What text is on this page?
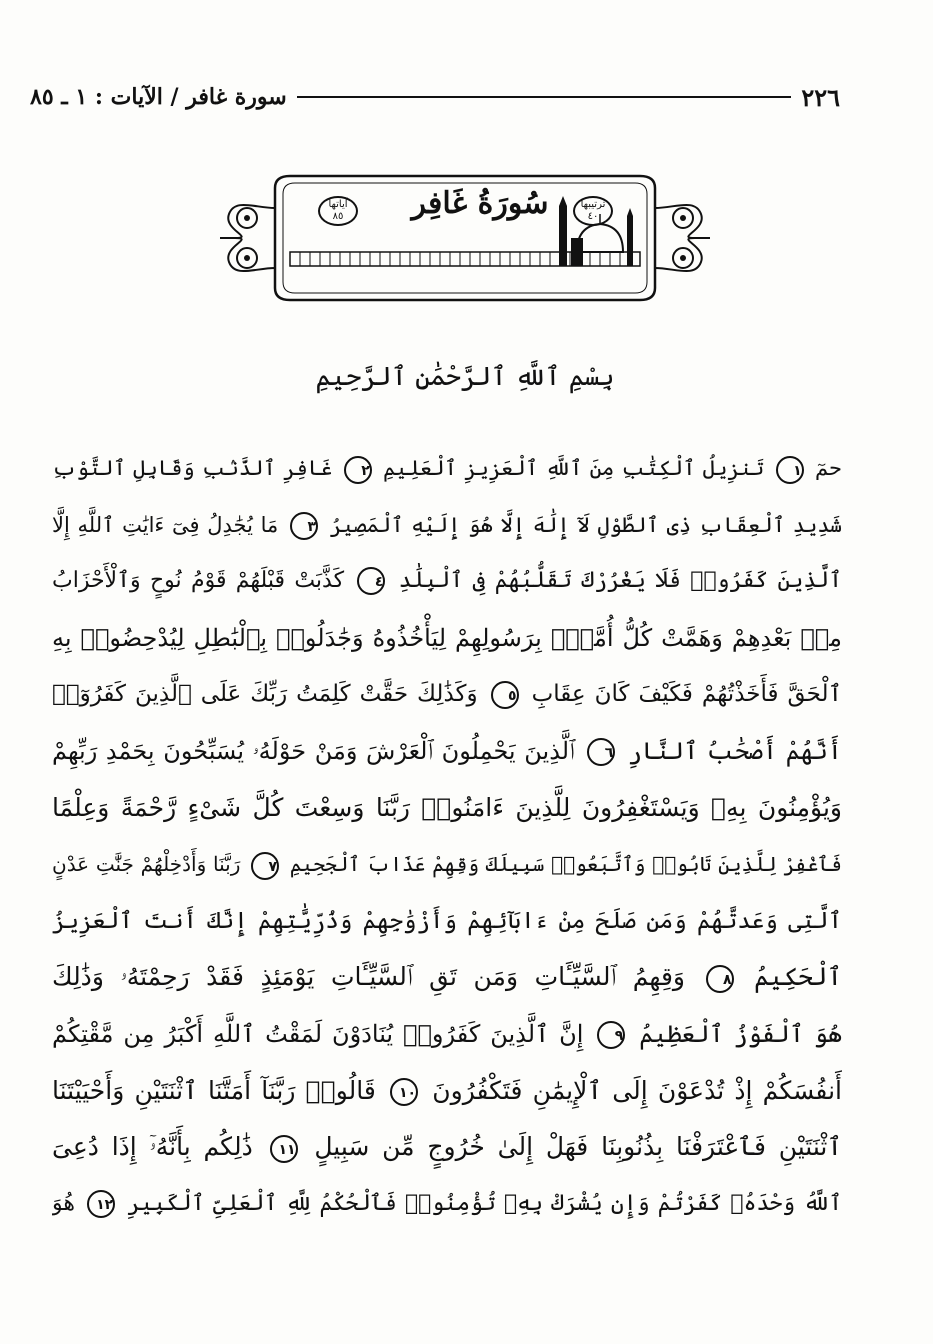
٢٢٦
سورة غافر / الآيات : ١ ـ ٨٥
سُورَةُ غَافِر
آياتها ٨٥
ترتيبها ٤٠
بِسْمِ ٱللَّهِ ٱلرَّحْمَٰنِ ٱلرَّحِيمِ
حمٓ ١ تَنزِيلُ ٱلْكِتَٰبِ مِنَ ٱللَّهِ ٱلْعَزِيزِ ٱلْعَلِيمِ ٢ غَافِرِ ٱلذَّنۢبِ وَقَابِلِ ٱلتَّوْبِ
شَدِيدِ ٱلْعِقَابِ ذِى ٱلطَّوْلِ لَآ إِلَٰهَ إِلَّا هُوَ إِلَيْهِ ٱلْمَصِيرُ ٣ مَا يُجَٰدِلُ فِىٓ ءَايَٰتِ ٱللَّهِ إِلَّا
ٱلَّذِينَ كَفَرُوا۟ فَلَا يَغْرُرْكَ تَقَلُّبُهُمْ فِى ٱلْبِلَٰدِ ٤ كَذَّبَتْ قَبْلَهُمْ قَوْمُ نُوحٍ وَٱلْأَحْزَابُ
مِنۢ بَعْدِهِمْ وَهَمَّتْ كُلُّ أُمَّةٍۭ بِرَسُولِهِمْ لِيَأْخُذُوهُ وَجَٰدَلُوا۟ بِٱلْبَٰطِلِ لِيُدْحِضُوا۟ بِهِ
ٱلْحَقَّ فَأَخَذْتُهُمْ فَكَيْفَ كَانَ عِقَابِ ٥ وَكَذَٰلِكَ حَقَّتْ كَلِمَتُ رَبِّكَ عَلَى ٱلَّذِينَ كَفَرُوٓا۟
أَنَّهُمْ أَصْحَٰبُ ٱلنَّارِ ٦ ٱلَّذِينَ يَحْمِلُونَ ٱلْعَرْشَ وَمَنْ حَوْلَهُۥ يُسَبِّحُونَ بِحَمْدِ رَبِّهِمْ
وَيُؤْمِنُونَ بِهِۦ وَيَسْتَغْفِرُونَ لِلَّذِينَ ءَامَنُوا۟ رَبَّنَا وَسِعْتَ كُلَّ شَىْءٍ رَّحْمَةً وَعِلْمًا
فَٱغْفِرْ لِلَّذِينَ تَابُوا۟ وَٱتَّبَعُوا۟ سَبِيلَكَ وَقِهِمْ عَذَابَ ٱلْجَحِيمِ ٧ رَبَّنَا وَأَدْخِلْهُمْ جَنَّٰتِ عَدْنٍ
ٱلَّتِى وَعَدتَّهُمْ وَمَن صَلَحَ مِنْ ءَابَآئِهِمْ وَأَزْوَٰجِهِمْ وَذُرِّيَّٰتِهِمْ إِنَّكَ أَنتَ ٱلْعَزِيزُ
ٱلْحَكِيمُ ٨ وَقِهِمُ ٱلسَّيِّـَٔاتِ وَمَن تَقِ ٱلسَّيِّـَٔاتِ يَوْمَئِذٍ فَقَدْ رَحِمْتَهُۥ وَذَٰلِكَ
هُوَ ٱلْفَوْزُ ٱلْعَظِيمُ ٩ إِنَّ ٱلَّذِينَ كَفَرُوا۟ يُنَادَوْنَ لَمَقْتُ ٱللَّهِ أَكْبَرُ مِن مَّقْتِكُمْ
أَنفُسَكُمْ إِذْ تُدْعَوْنَ إِلَى ٱلْإِيمَٰنِ فَتَكْفُرُونَ ١٠ قَالُوا۟ رَبَّنَآ أَمَتَّنَا ٱثْنَتَيْنِ وَأَحْيَيْتَنَا
ٱثْنَتَيْنِ فَٱعْتَرَفْنَا بِذُنُوبِنَا فَهَلْ إِلَىٰ خُرُوجٍ مِّن سَبِيلٍ ١١ ذَٰلِكُم بِأَنَّهُۥٓ إِذَا دُعِىَ
ٱللَّهُ وَحْدَهُۥ كَفَرْتُمْ وَإِن يُشْرَكْ بِهِۦ تُؤْمِنُوا۟ فَٱلْحُكْمُ لِلَّهِ ٱلْعَلِىِّ ٱلْكَبِيرِ ١٢ هُوَ
